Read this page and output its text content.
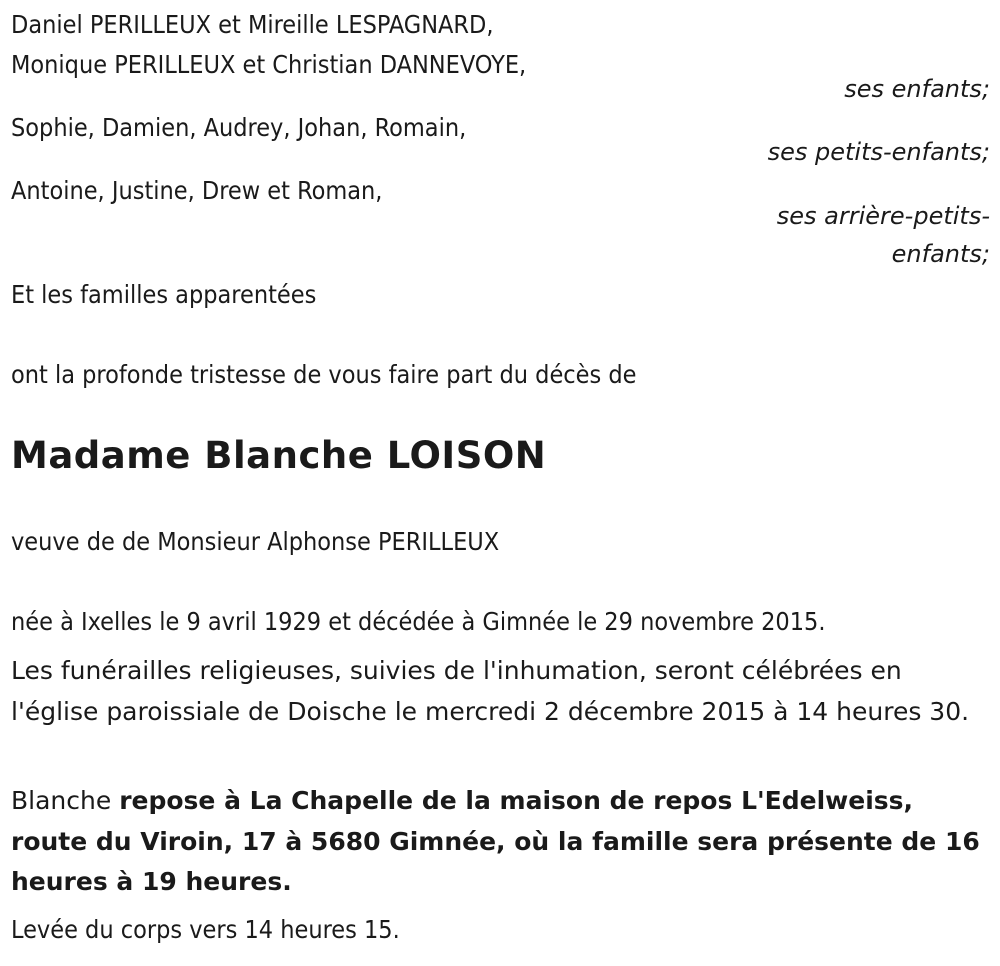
Daniel PERILLEUX et Mireille LESPAGNARD,
Monique PERILLEUX et Christian DANNEVOYE,
ses enfants;
Sophie, Damien, Audrey, Johan, Romain,
ses petits-enfants;
Antoine, Justine, Drew et Roman,
ses arrière-petits-
enfants;
Et les familles apparentées
ont la profonde tristesse de vous faire part du décès de
Madame Blanche LOISON
veuve de de Monsieur Alphonse PERILLEUX
née à Ixelles le 9 avril 1929 et décédée à Gimnée le 29 novembre 2015.
Les funérailles religieuses, suivies de l'inhumation, seront célébrées en l'église paroissiale de Doische le mercredi 2 décembre 2015 à 14 heures 30.
Blanche repose à La Chapelle de la maison de repos L'Edelweiss, route du Viroin, 17 à 5680 Gimnée, où la famille sera présente de 16 heures à 19 heures.
Levée du corps vers 14 heures 15.
